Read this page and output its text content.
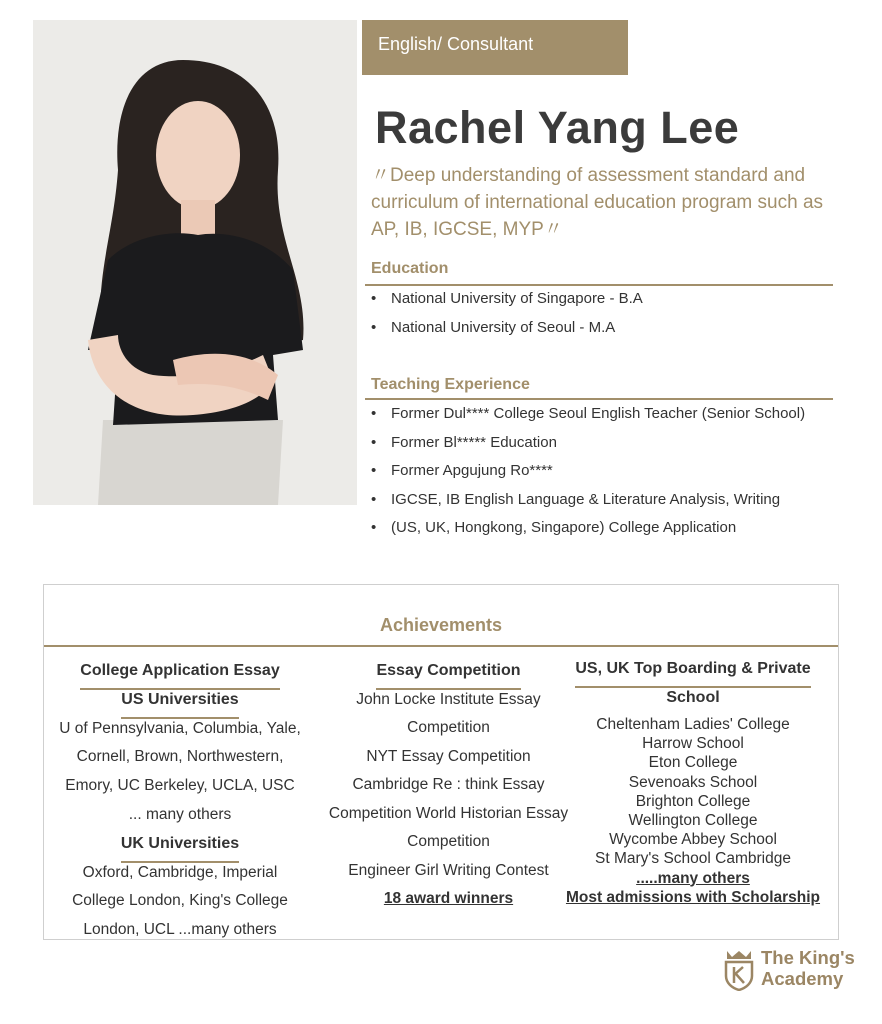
English/ Consultant
Rachel Yang Lee
〃Deep understanding of assessment standard and
curriculum of international education program such as
AP, IB, IGCSE, MYP〃
Education
• National University of Singapore - B.A
• National University of Seoul - M.A
Teaching Experience
• Former Dul**** College Seoul English Teacher (Senior School)
• Former Bl***** Education
• Former Apgujung Ro****
• IGCSE, IB English Language & Literature Analysis, Writing
• (US, UK, Hongkong, Singapore) College Application
Achievements
College Application Essay
US Universities
U of Pennsylvania, Columbia, Yale,
Cornell, Brown, Northwestern,
Emory, UC Berkeley, UCLA, USC
... many others
UK Universities
Oxford, Cambridge, Imperial
College London, King's College
London, UCL ...many others
Essay Competition
John Locke Institute Essay
Competition
NYT Essay Competition
Cambridge Re : think Essay
Competition World Historian Essay
Competition
Engineer Girl Writing Contest
18 award winners
US, UK Top Boarding & Private
School
Cheltenham Ladies' College
Harrow School
Eton College
Sevenoaks School
Brighton College
Wellington College
Wycombe Abbey School
St Mary's School Cambridge
.....many others
Most admissions with Scholarship
The King's
Academy
